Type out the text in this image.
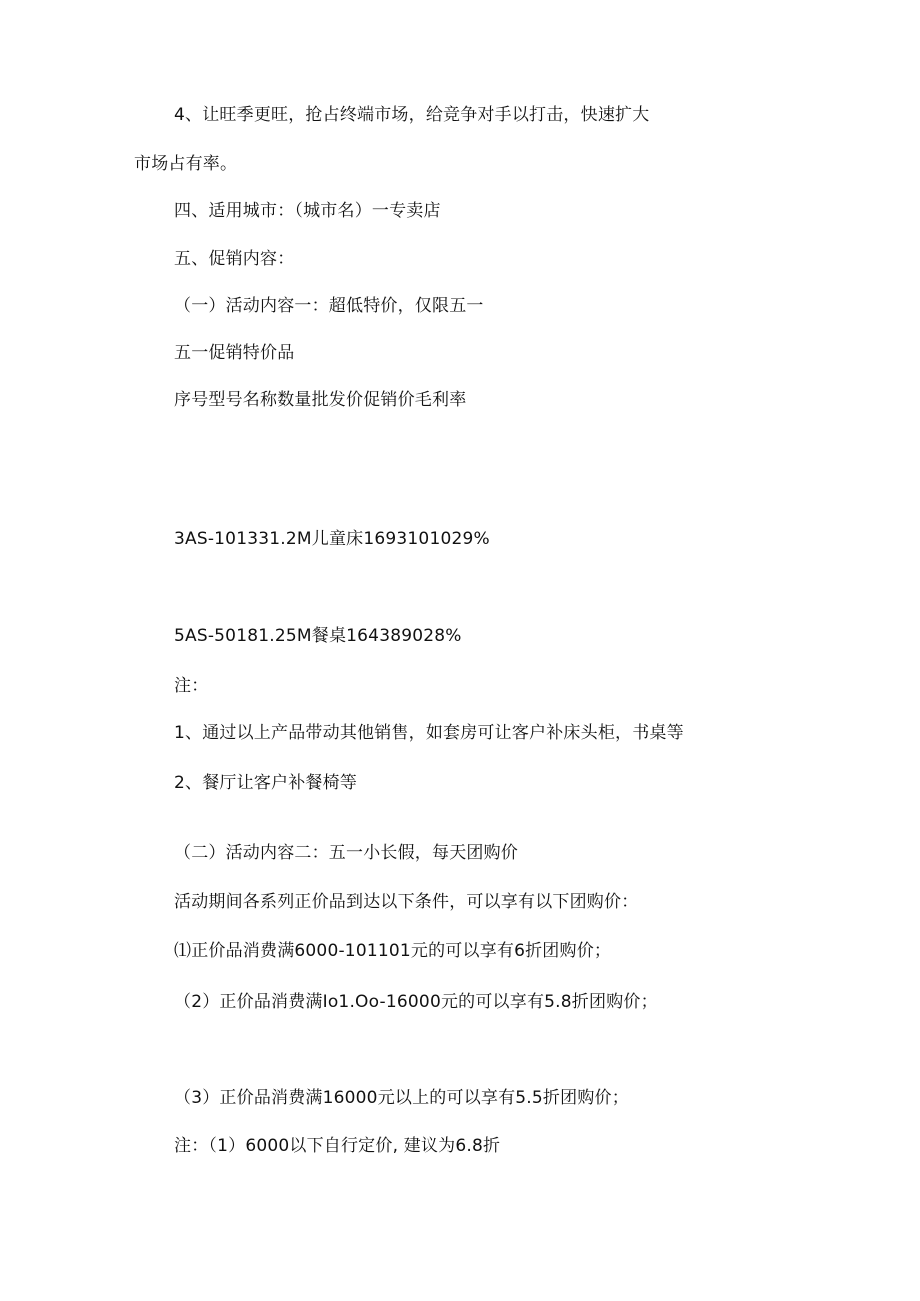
4、让旺季更旺，抢占终端市场，给竞争对手以打击，快速扩大
市场占有率。
四、适用城市：（城市名）一专卖店
五、促销内容：
（一）活动内容一：超低特价，仅限五一
五一促销特价品
序号型号名称数量批发价促销价毛利率
3AS-101331.2M儿童床1693101029%
5AS-50181.25M餐桌164389028%
注：
1、通过以上产品带动其他销售，如套房可让客户补床头柜，书桌等
2、餐厅让客户补餐椅等
（二）活动内容二：五一小长假，每天团购价
活动期间各系列正价品到达以下条件，可以享有以下团购价：
⑴正价品消费满6000-101101元的可以享有6折团购价；
（2）正价品消费满Io1.Oo-16000元的可以享有5.8折团购价；
（3）正价品消费满16000元以上的可以享有5.5折团购价；
注：（1）6000以下自行定价, 建议为6.8折
